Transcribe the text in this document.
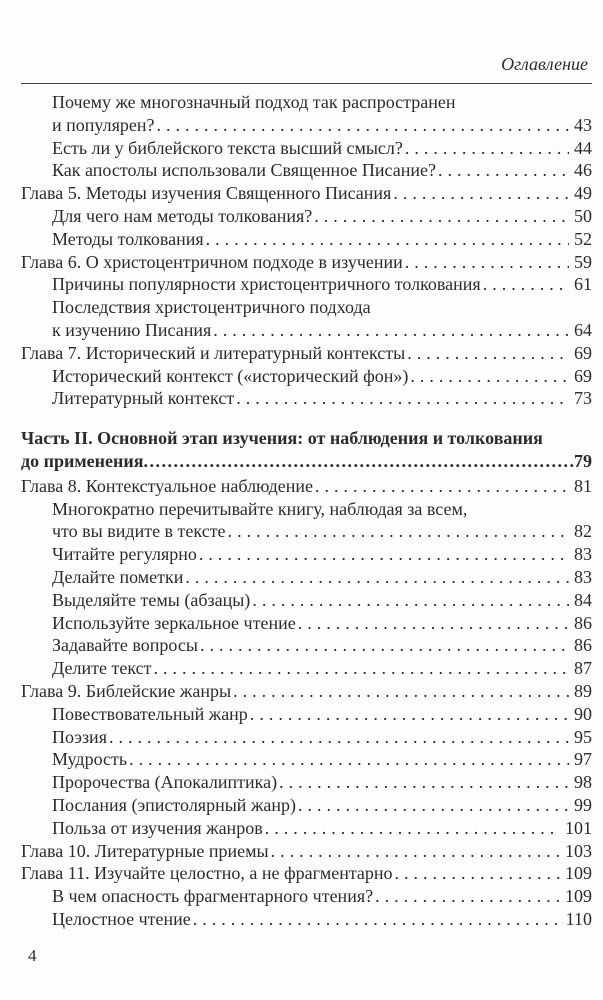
Оглавление
Почему же многозначный подход так распространен
и популярен? .....	43
Есть ли у библейского текста высший смысл? .....	44
Как апостолы использовали Священное Писание? .....	46
Глава 5. Методы изучения Священного Писания .....	49
Для чего нам методы толкования? .....	50
Методы толкования .....	52
Глава 6. О христоцентричном подходе в изучении .....	59
Причины популярности христоцентричного толкования .....	61
Последствия христоцентричного подхода
к изучению Писания .....	64
Глава 7. Исторический и литературный контексты .....	69
Исторический контекст («исторический фон») .....	69
Литературный контекст .....	73
Часть II. Основной этап изучения: от наблюдения и толкования
до применения .....	79
Глава 8. Контекстуальное наблюдение .....	81
Многократно перечитывайте книгу, наблюдая за всем,
что вы видите в тексте .....	82
Читайте регулярно .....	83
Делайте пометки .....	83
Выделяйте темы (абзацы) .....	84
Используйте зеркальное чтение .....	86
Задавайте вопросы .....	86
Делите текст .....	87
Глава 9. Библейские жанры .....	89
Повествовательный жанр .....	90
Поэзия .....	95
Мудрость .....	97
Пророчества (Апокалиптика) .....	98
Послания (эпистолярный жанр) .....	99
Польза от изучения жанров .....	101
Глава 10. Литературные приемы .....	103
Глава 11. Изучайте целостно, а не фрагментарно .....	109
В чем опасность фрагментарного чтения? .....	109
Целостное чтение .....	110
4
